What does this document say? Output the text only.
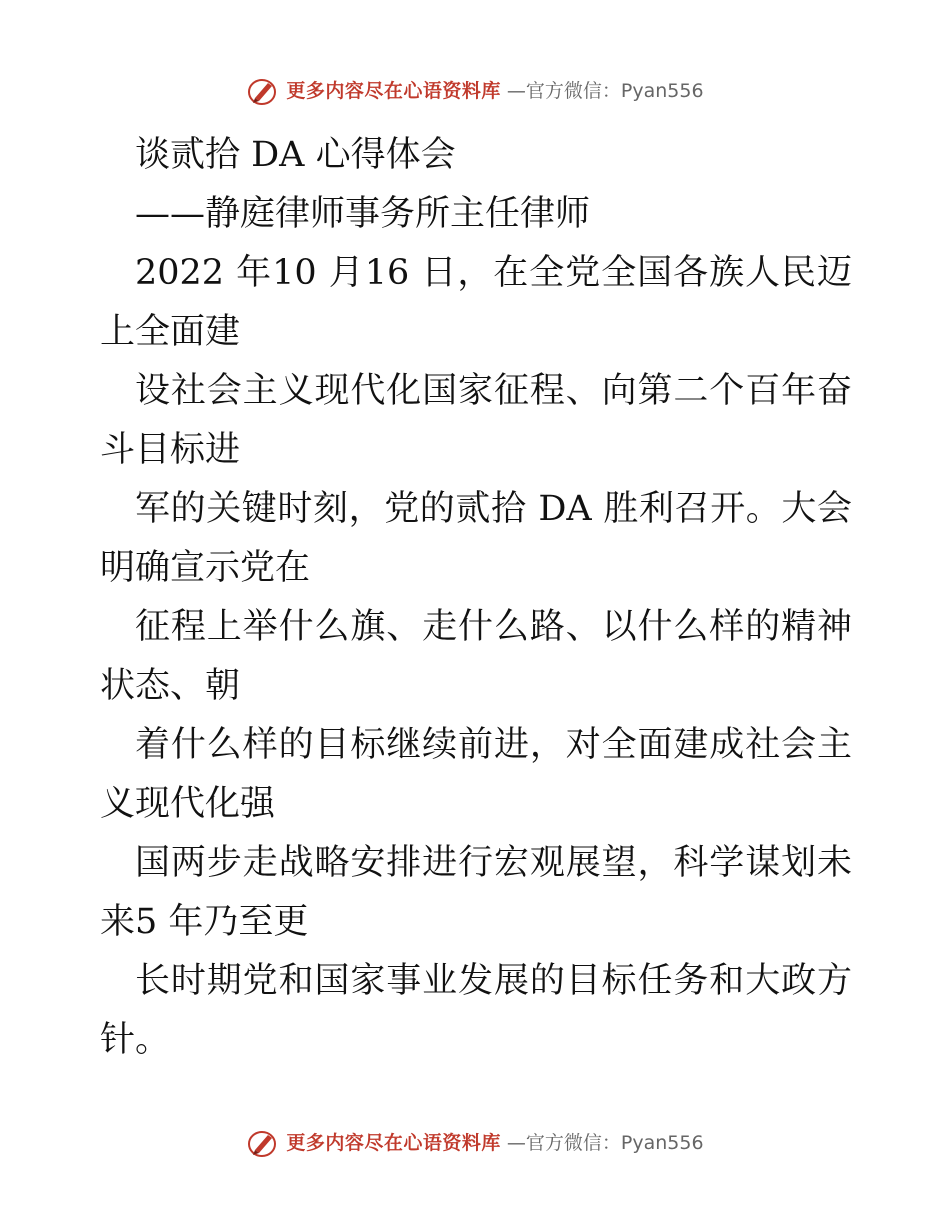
更多内容尽在心语资料库 —官方微信：Pyan556

谈贰拾 DA 心得体会

——静庭律师事务所主任律师

2022 年10 月16 日，在全党全国各族人民迈上全面建

设社会主义现代化国家征程、向第二个百年奋斗目标进

军的关键时刻，党的贰拾 DA 胜利召开。大会明确宣示党在

征程上举什么旗、走什么路、以什么样的精神状态、朝

着什么样的目标继续前进，对全面建成社会主义现代化强

国两步走战略安排进行宏观展望，科学谋划未来5 年乃至更

长时期党和国家事业发展的目标任务和大政方针。

更多内容尽在心语资料库 —官方微信：Pyan556
